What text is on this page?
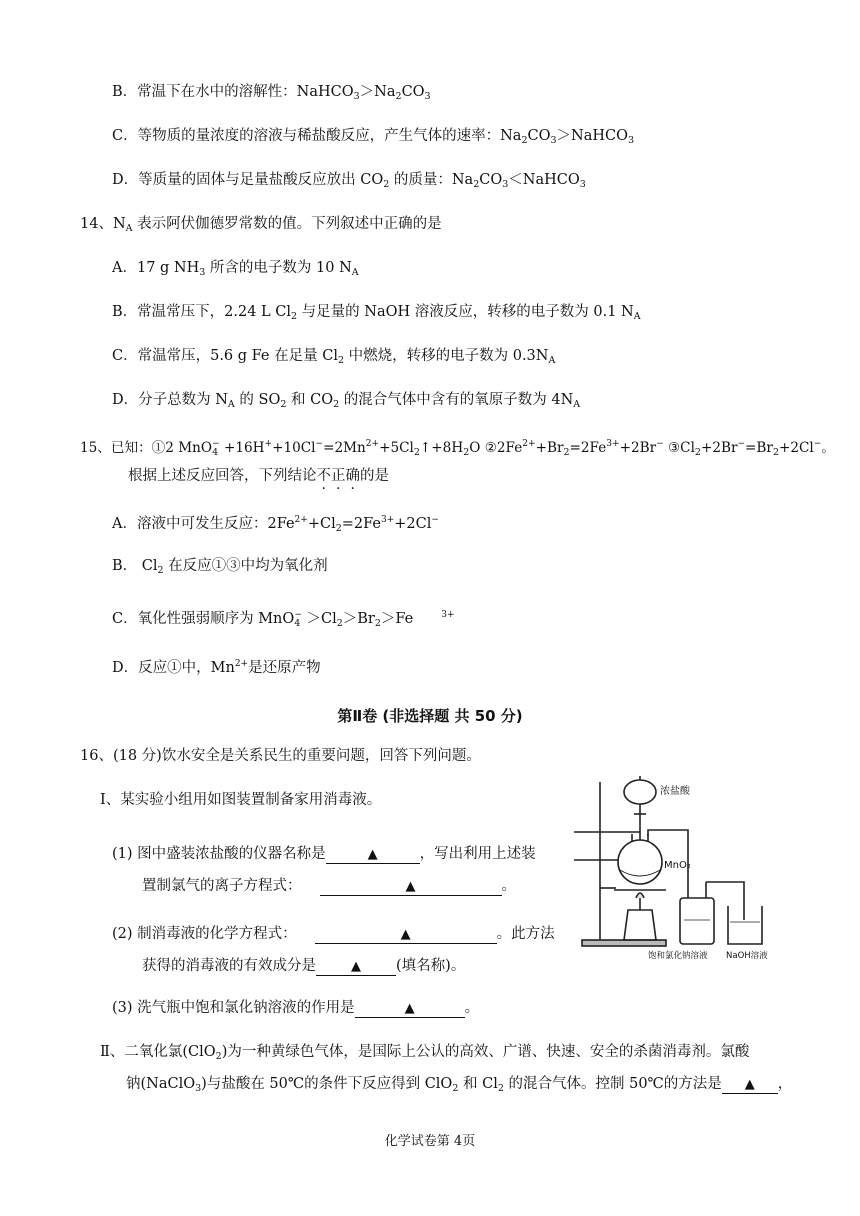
B．常温下在水中的溶解性：$NaHCO_3>Na_2CO_3$
C．等物质的量浓度的溶液与稀盐酸反应，产生气体的速率：$Na_2CO_3>NaHCO_3$
D．等质量的固体与足量盐酸反应放出 $CO_2$ 的质量：$Na_2CO_3<NaHCO_3$
14、$N_A$ 表示阿伏伽德罗常数的值。下列叙述中正确的是
A．17 g $NH_3$ 所含的电子数为 10 $N_A$
B．常温常压下，2.24 L $Cl_2$ 与足量的 NaOH 溶液反应，转移的电子数为 0.1 $N_A$
C．常温常压，5.6 g Fe 在足量 $Cl_2$ 中燃烧，转移的电子数为 $0.3N_A$
D．分子总数为 $N_A$ 的 $SO_2$ 和 $CO_2$ 的混合气体中含有的氧原子数为 $4N_A$
15、已知：①2 $MnO_4^- +16H^++10Cl^-=2Mn^{2+}+5Cl_2↑+8H_2O$ $②2Fe^{2+}+Br_2=2Fe^{3+}+2Br^-$ $③Cl_2+2Br^-=Br_2+2Cl^-$。
根据上述反应回答，下列结论不正确的是
A．溶液中可发生反应：$2Fe^{2+}+Cl_2=2Fe^{3+}+2Cl^-$
B． $Cl_2$ 在反应①③中均为氧化剂
C．氧化性强弱顺序为 $MnO_4^- >Cl_2>Br_2>Fe$	$^{3+}$
D．反应①中，$Mn^{2+}$是还原产物
第Ⅱ卷 (非选择题 共 50 分)
16、(18 分)饮水安全是关系民生的重要问题，回答下列问题。
Ⅰ、某实验小组用如图装置制备家用消毒液。
(1) 图中盛装浓盐酸的仪器名称是	▲	，写出利用上述装
置制氯气的离子方程式：	▲	。
(2) 制消毒液的化学方程式：	▲	。此方法
获得的消毒液的有效成分是	▲ (填名称)。
(3) 洗气瓶中饱和氯化钠溶液的作用是	▲	。
Ⅱ、二氧化氯(ClO$_2$)为一种黄绿色气体，是国际上公认的高效、广谱、快速、安全的杀菌消毒剂。氯酸
钠(NaClO$_3$)与盐酸在 50℃的条件下反应得到 ClO$_2$ 和 $Cl_2$ 的混合气体。控制 50℃的方法是 ▲ ，
浓盐酸
MnO₂
饱和氯化钠溶液 NaOH溶液
化学试卷第 4页
